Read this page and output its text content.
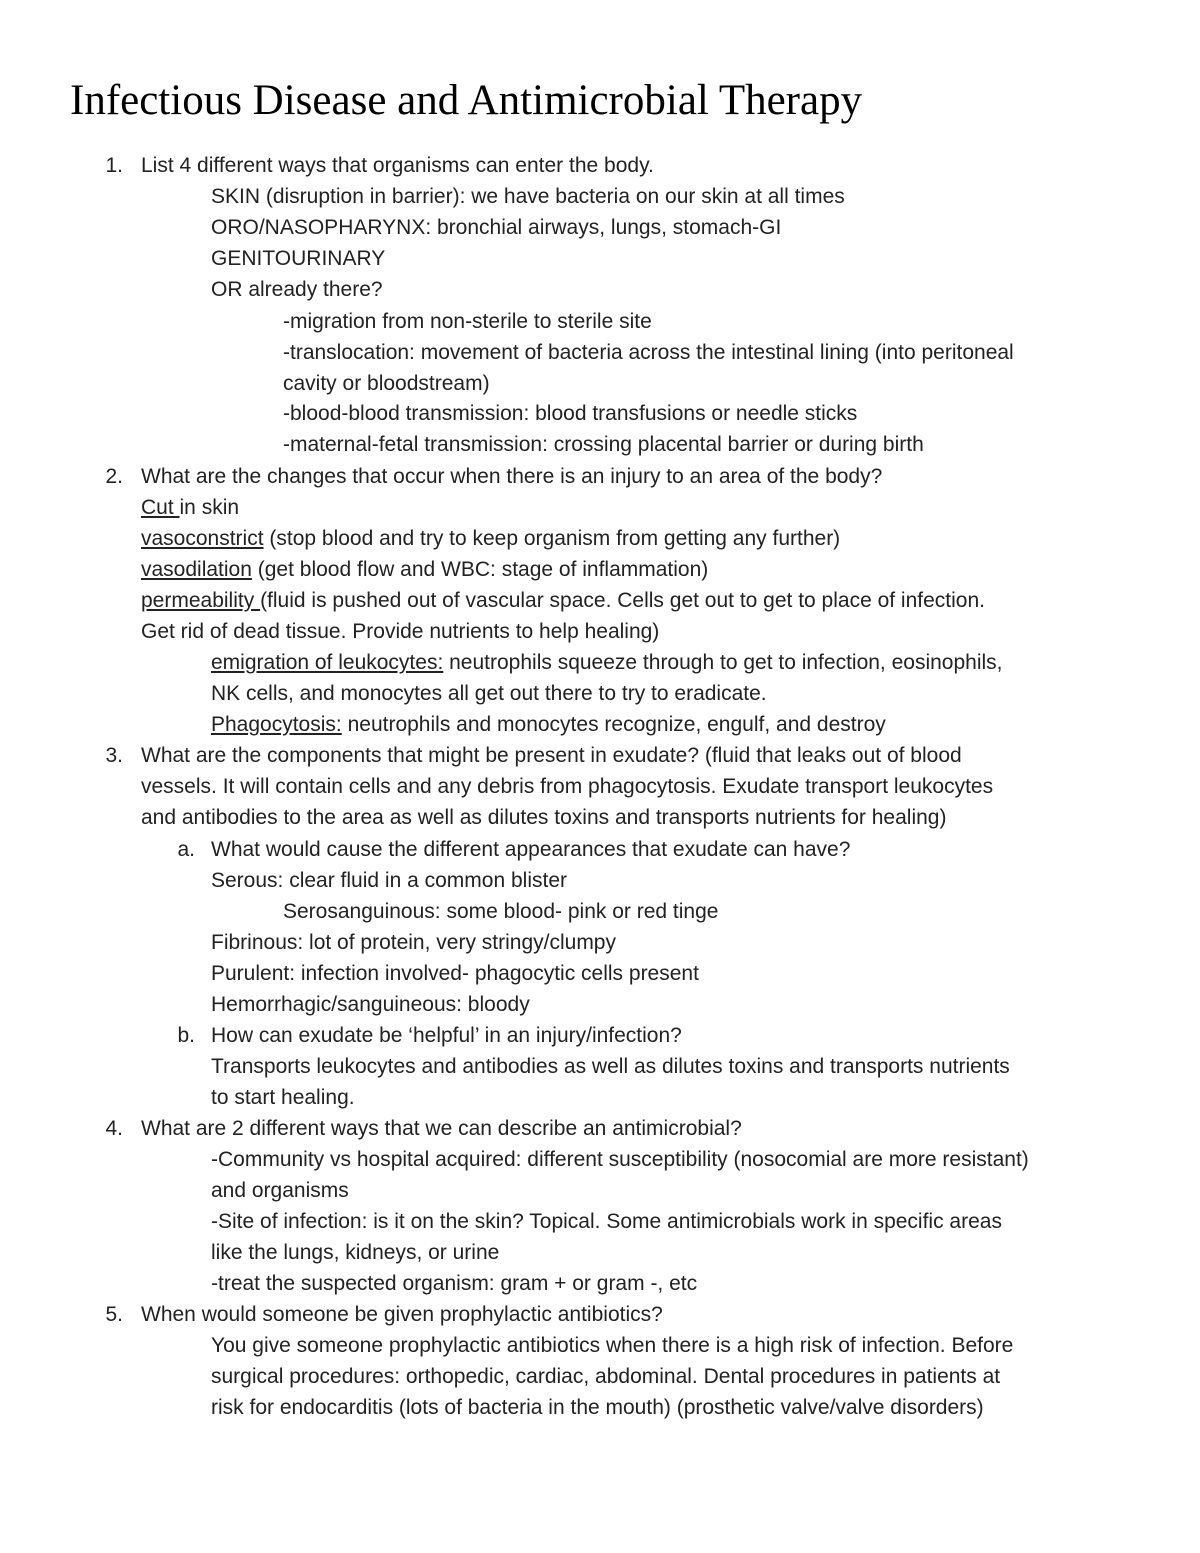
Infectious Disease and Antimicrobial Therapy
1. List 4 different ways that organisms can enter the body.
SKIN (disruption in barrier): we have bacteria on our skin at all times
ORO/NASOPHARYNX: bronchial airways, lungs, stomach-GI
GENITOURINARY
OR already there?
-migration from non-sterile to sterile site
-translocation: movement of bacteria across the intestinal lining (into peritoneal
cavity or bloodstream)
-blood-blood transmission: blood transfusions or needle sticks
-maternal-fetal transmission: crossing placental barrier or during birth
2. What are the changes that occur when there is an injury to an area of the body?
Cut in skin
vasoconstrict (stop blood and try to keep organism from getting any further)
vasodilation (get blood flow and WBC: stage of inflammation)
permeability (fluid is pushed out of vascular space. Cells get out to get to place of infection.
Get rid of dead tissue. Provide nutrients to help healing)
emigration of leukocytes: neutrophils squeeze through to get to infection, eosinophils,
NK cells, and monocytes all get out there to try to eradicate.
Phagocytosis: neutrophils and monocytes recognize, engulf, and destroy
3. What are the components that might be present in exudate? (fluid that leaks out of blood
vessels. It will contain cells and any debris from phagocytosis. Exudate transport leukocytes
and antibodies to the area as well as dilutes toxins and transports nutrients for healing)
a. What would cause the different appearances that exudate can have?
Serous: clear fluid in a common blister
Serosanguinous: some blood- pink or red tinge
Fibrinous: lot of protein, very stringy/clumpy
Purulent: infection involved- phagocytic cells present
Hemorrhagic/sanguineous: bloody
b. How can exudate be ‘helpful’ in an injury/infection?
Transports leukocytes and antibodies as well as dilutes toxins and transports nutrients
to start healing.
4. What are 2 different ways that we can describe an antimicrobial?
-Community vs hospital acquired: different susceptibility (nosocomial are more resistant)
and organisms
-Site of infection: is it on the skin? Topical. Some antimicrobials work in specific areas
like the lungs, kidneys, or urine
-treat the suspected organism: gram + or gram -, etc
5. When would someone be given prophylactic antibiotics?
You give someone prophylactic antibiotics when there is a high risk of infection. Before
surgical procedures: orthopedic, cardiac, abdominal. Dental procedures in patients at
risk for endocarditis (lots of bacteria in the mouth) (prosthetic valve/valve disorders)
